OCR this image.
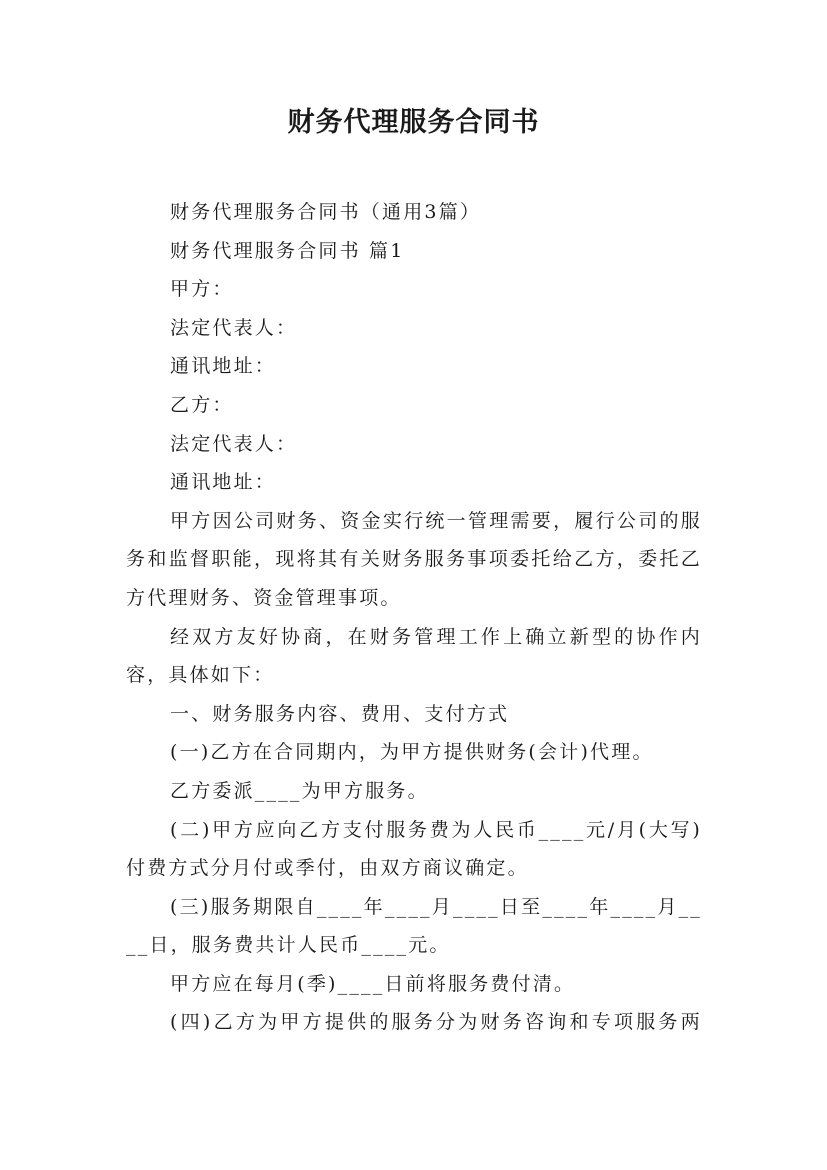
财务代理服务合同书

财务代理服务合同书（通用3篇）

财务代理服务合同书 篇1

甲方：

法定代表人：

通讯地址：

乙方：

法定代表人：

通讯地址：

甲方因公司财务、资金实行统一管理需要，履行公司的服务和监督职能，现将其有关财务服务事项委托给乙方，委托乙方代理财务、资金管理事项。

经双方友好协商，在财务管理工作上确立新型的协作内容，具体如下：

一、财务服务内容、费用、支付方式

(一)乙方在合同期内，为甲方提供财务(会计)代理。

乙方委派____为甲方服务。

(二)甲方应向乙方支付服务费为人民币____元/月(大写)付费方式分月付或季付，由双方商议确定。

(三)服务期限自____年____月____日至____年____月____日，服务费共计人民币____元。

甲方应在每月(季)____日前将服务费付清。

(四)乙方为甲方提供的服务分为财务咨询和专项服务两
